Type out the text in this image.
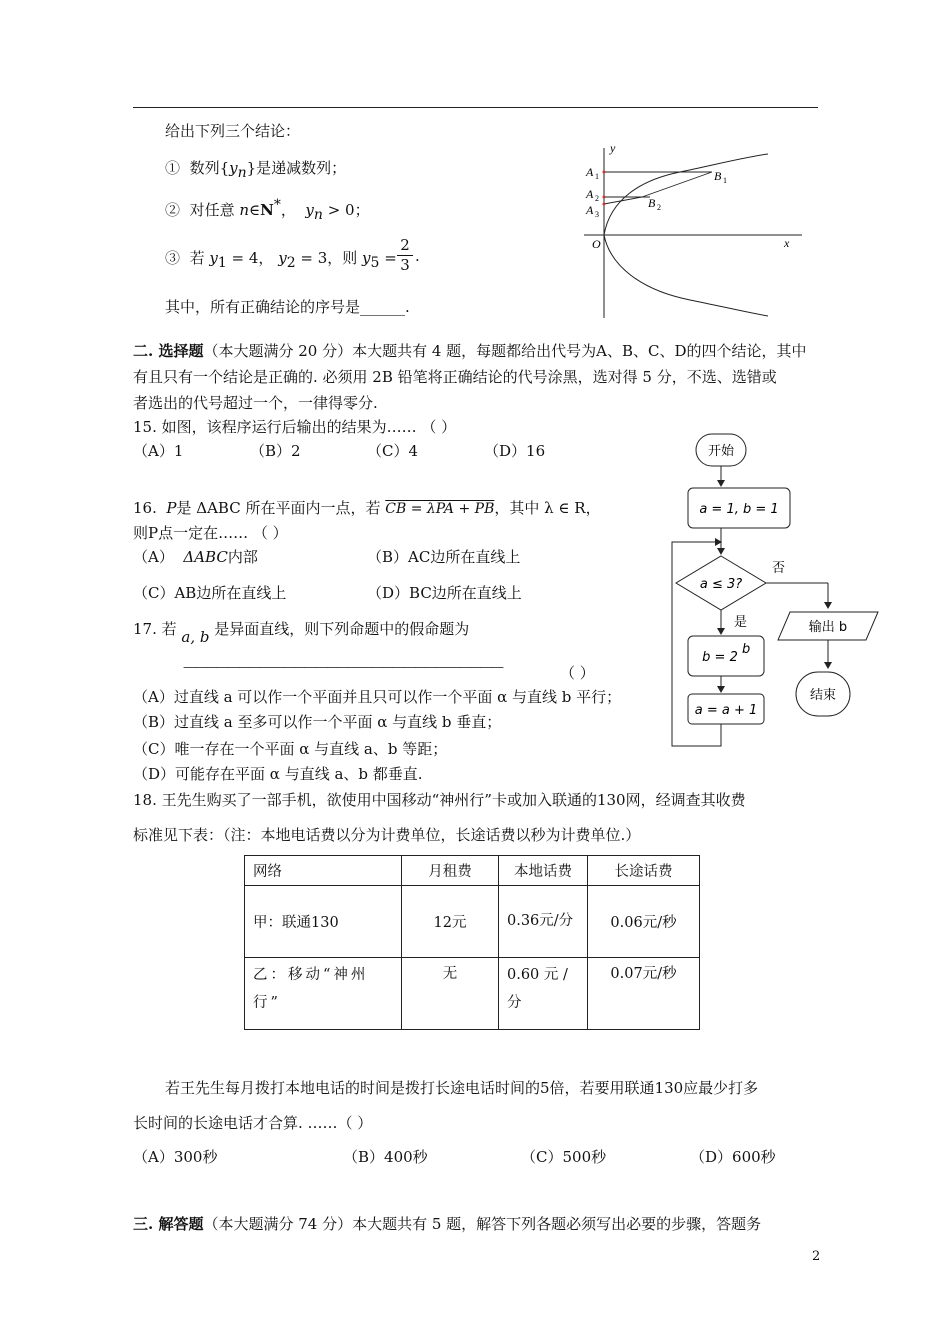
给出下列三个结论：
① 数列$\{y_n\}$是递减数列；
② 对任意 n∈N*， $y_n > 0$；
③ 若 $y_1 = 4$， $y_2 = 3$，则 $y_5$ =
2
3 .
其中，所有正确结论的序号是______.
y
x
O
A 1
A 2
A 3
B 1
B 2
二. 选择题（本大题满分 20 分）本大题共有 4 题，每题都给出代号为A、B、C、D的四个结论，其中
有且只有一个结论是正确的. 必须用 2B 铅笔将正确结论的代号涂黑，选对得 5 分，不选、选错或
者选出的代号超过一个，一律得零分.
15. 如图，该程序运行后输出的结果为…… （ ）
（A）1	（B）2	（C）4	（D）16
16. P是 ΔABC 所在平面内一点，若 CB = λPA + PB，其中 λ ∈ R，
则P点一定在…… （ ）
（A） ΔABC内部	（B）AC边所在直线上
（C）AB边所在直线上	（D）BC边所在直线上
17. 若 a, b 是异面直线，则下列命题中的假命题为
—————————————————————————————	（ ）
（A）过直线 a 可以作一个平面并且只可以作一个平面 α 与直线 b 平行；
（B）过直线 a 至多可以作一个平面 α 与直线 b 垂直；
（C）唯一存在一个平面 α 与直线 a、b 等距；
（D）可能存在平面 α 与直线 a、b 都垂直.
开始
a = 1, b = 1
a ≤ 3?
否
输出 b
结束
是
b = 2
b
a = a + 1
18. 王先生购买了一部手机，欲使用中国移动“神州行”卡或加入联通的130网，经调查其收费
标准见下表：（注：本地电话费以分为计费单位，长途话费以秒为计费单位.）
网络	月租费	本地话费	长途话费
甲：联通130	12元	0.36元/分	0.06元/秒
乙：移动“神州行”	无	0.60 元 /分	0.07元/秒
若王先生每月拨打本地电话的时间是拨打长途电话时间的5倍，若要用联通130应最少打多
长时间的长途电话才合算. ……（ ）
（A）300秒	（B）400秒	（C）500秒	（D）600秒
三. 解答题（本大题满分 74 分）本大题共有 5 题，解答下列各题必须写出必要的步骤，答题务
2
